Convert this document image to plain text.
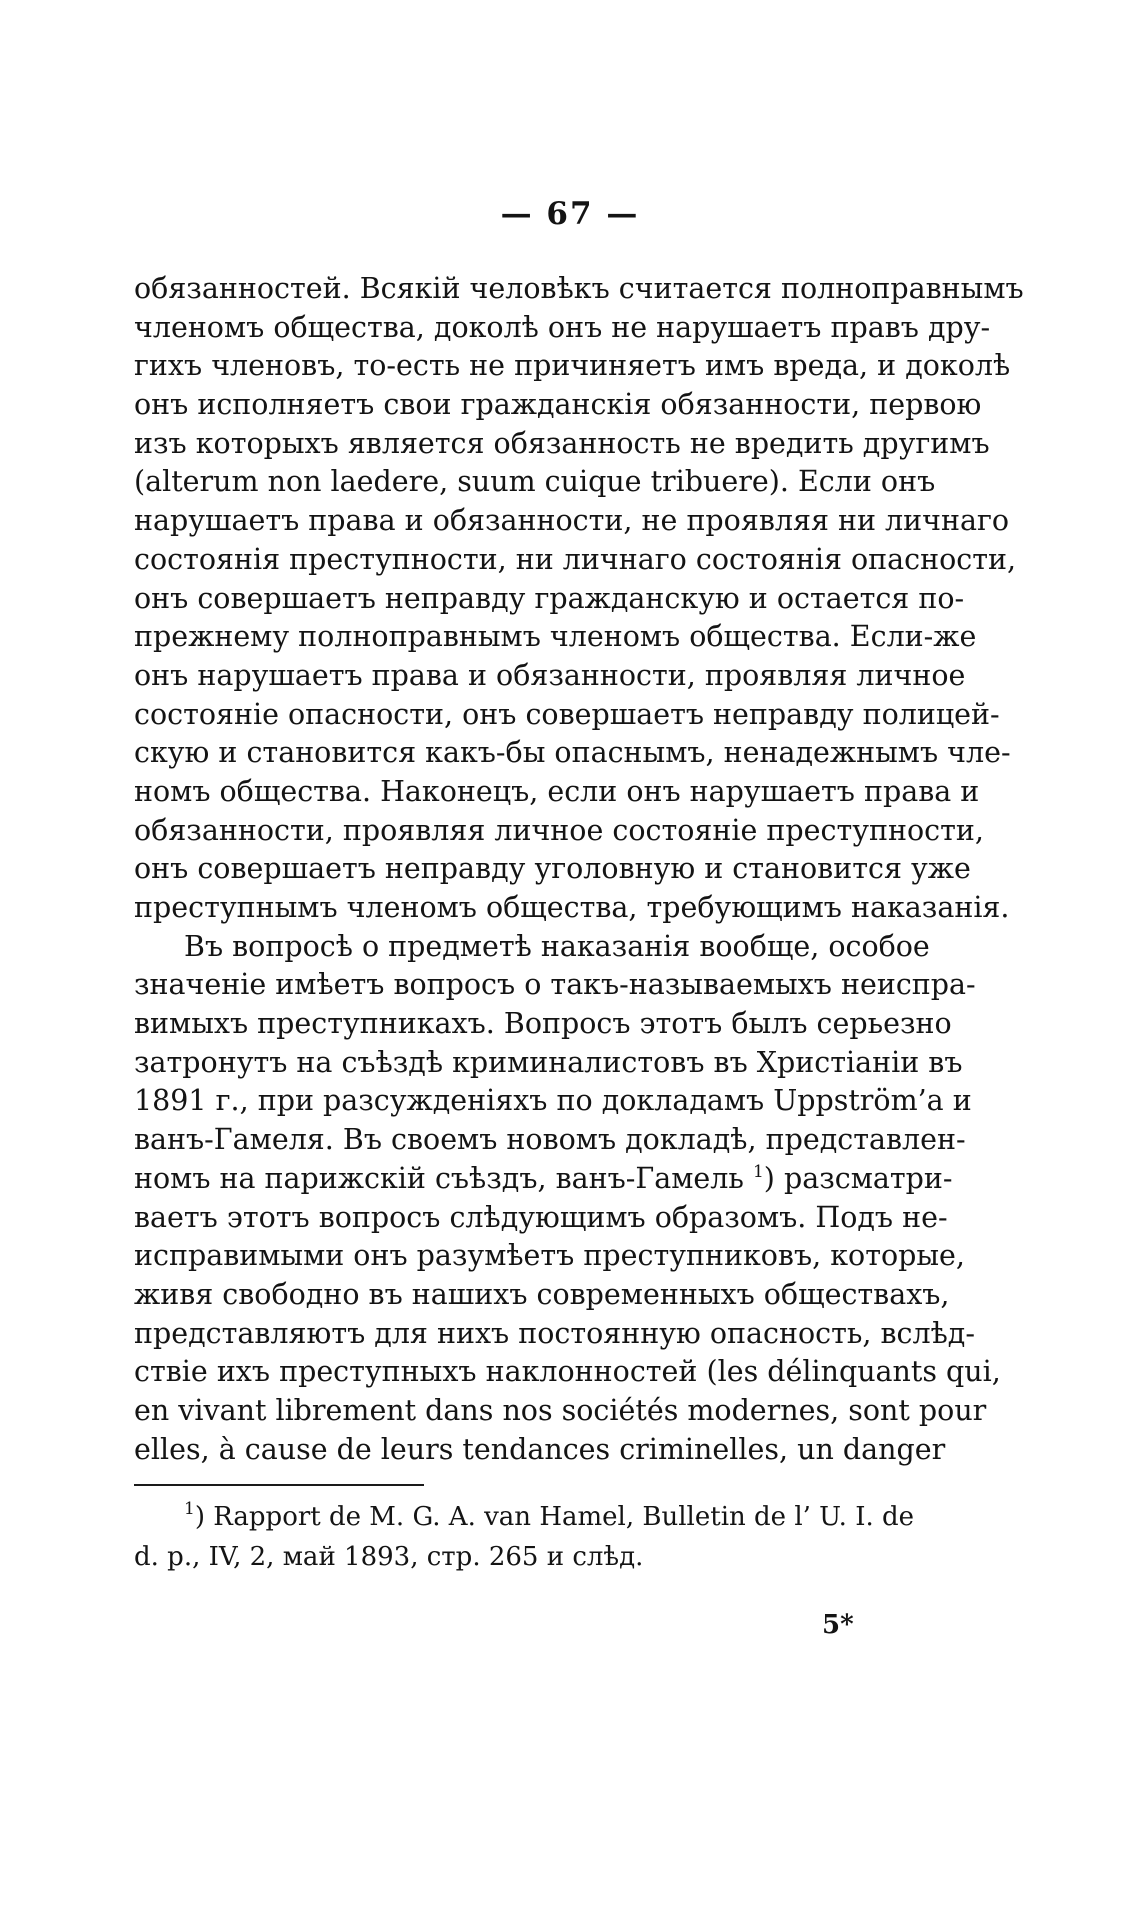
— 67 —
обязанностей. Всякій человѣкъ считается полноправнымъ
членомъ общества, доколѣ онъ не нарушаетъ правъ дру-
гихъ членовъ, то-есть не причиняетъ имъ вреда, и доколѣ
онъ исполняетъ свои гражданскія обязанности, первою
изъ которыхъ является обязанность не вредить другимъ
(alterum non laedere, suum cuique tribuere). Если онъ
нарушаетъ права и обязанности, не проявляя ни личнаго
состоянія преступности, ни личнаго состоянія опасности,
онъ совершаетъ неправду гражданскую и остается по-
прежнему полноправнымъ членомъ общества. Если-же
онъ нарушаетъ права и обязанности, проявляя личное
состояніе опасности, онъ совершаетъ неправду полицей-
скую и становится какъ-бы опаснымъ, ненадежнымъ чле-
номъ общества. Наконецъ, если онъ нарушаетъ права и
обязанности, проявляя личное состояніе преступности,
онъ совершаетъ неправду уголовную и становится уже
преступнымъ членомъ общества, требующимъ наказанія.
Въ вопросѣ о предметѣ наказанія вообще, особое
значеніе имѣетъ вопросъ о такъ-называемыхъ неиспра-
вимыхъ преступникахъ. Вопросъ этотъ былъ серьезно
затронутъ на съѣздѣ криминалистовъ въ Христіаніи въ
1891 г., при разсужденіяхъ по докладамъ Uppström’а и
ванъ-Гамеля. Въ своемъ новомъ докладѣ, представлен-
номъ на парижскій съѣздъ, ванъ-Гамель $^1$) разсматри-
ваетъ этотъ вопросъ слѣдующимъ образомъ. Подъ не-
исправимыми онъ разумѣетъ преступниковъ, которые,
живя свободно въ нашихъ современныхъ обществахъ,
представляютъ для нихъ постоянную опасность, вслѣд-
ствіе ихъ преступныхъ наклонностей (les délinquants qui,
en vivant librement dans nos sociétés modernes, sont pour
elles, à cause de leurs tendances criminelles, un danger
$^1$) Rapport de M. G. A. van Hamel, Bulletin de l’ U. I. de
d. p., IV, 2, май 1893, стр. 265 и слѣд.
5*
